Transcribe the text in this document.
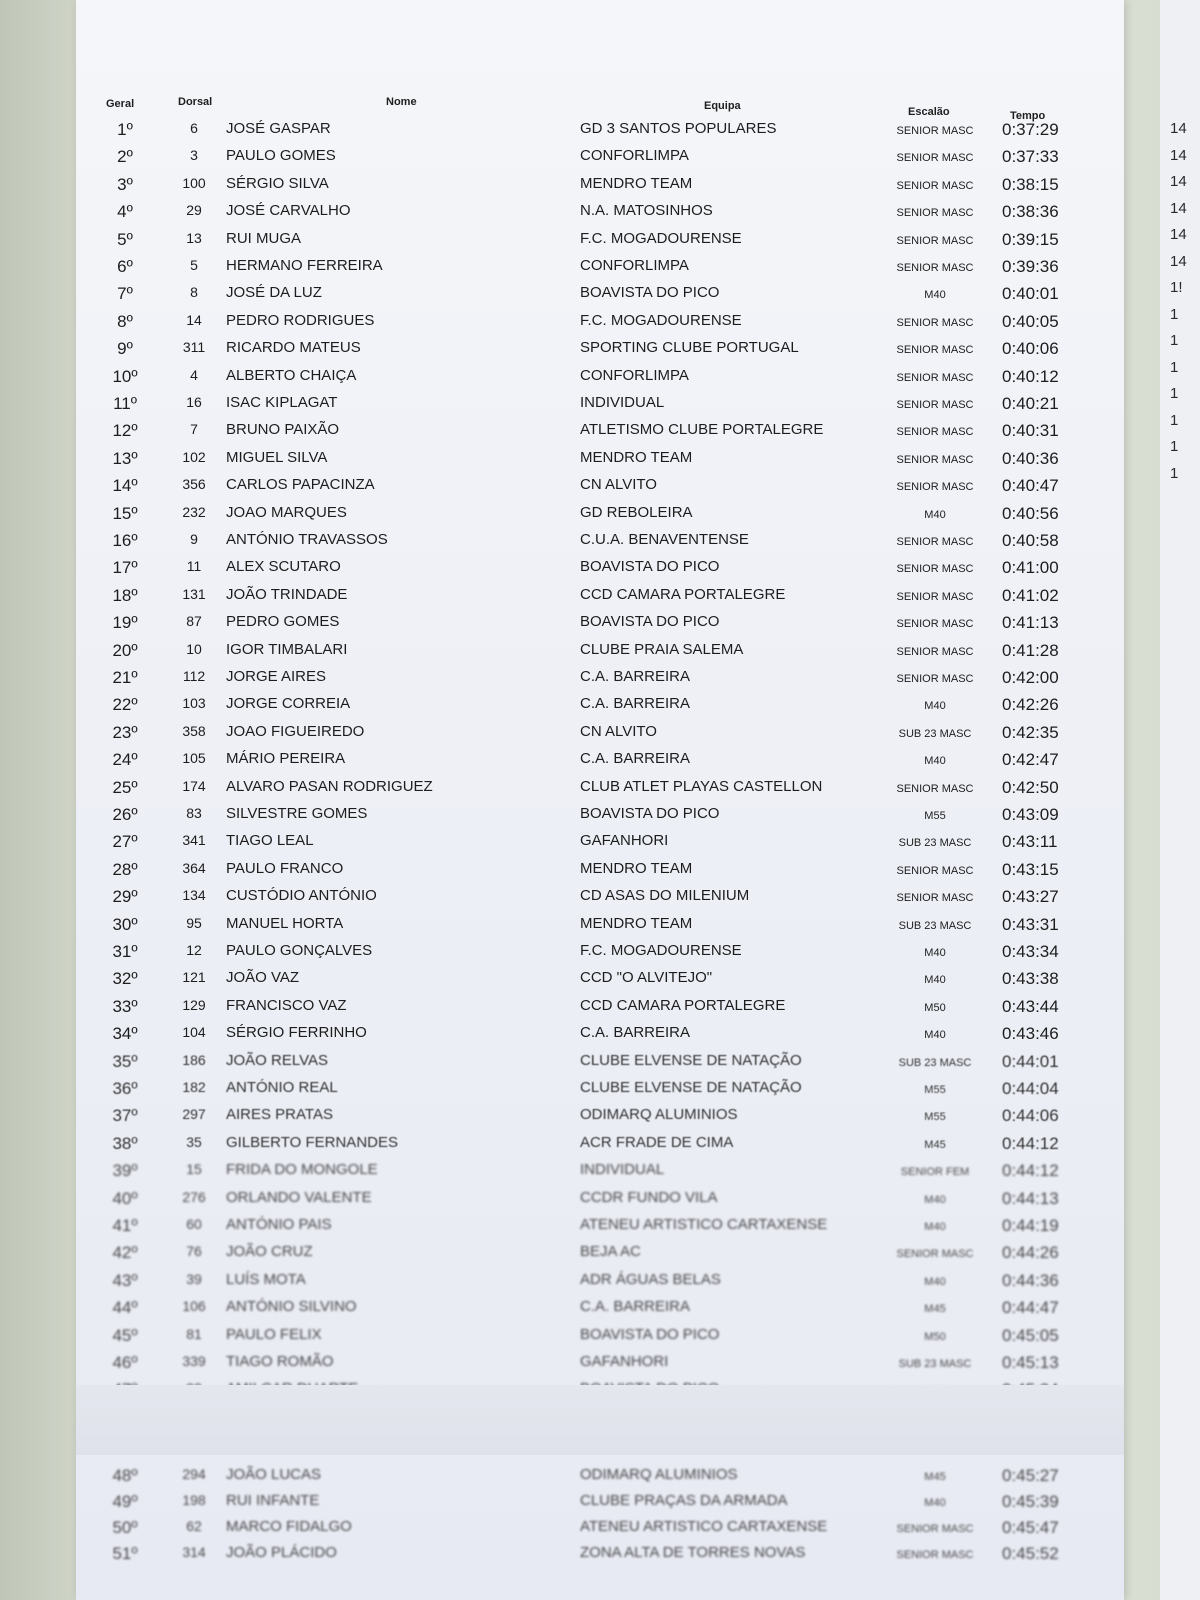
14
14
14
14
14
14
1!
1
1
1
1
1
1
1
Geral	Dorsal	Nome	Equipa	Escalão	Tempo
1º	6	JOSÉ GASPAR	GD 3 SANTOS POPULARES	SENIOR MASC	0:37:29
2º	3	PAULO GOMES	CONFORLIMPA	SENIOR MASC	0:37:33
3º	100	SÉRGIO SILVA	MENDRO TEAM	SENIOR MASC	0:38:15
4º	29	JOSÉ CARVALHO	N.A. MATOSINHOS	SENIOR MASC	0:38:36
5º	13	RUI MUGA	F.C. MOGADOURENSE	SENIOR MASC	0:39:15
6º	5	HERMANO FERREIRA	CONFORLIMPA	SENIOR MASC	0:39:36
7º	8	JOSÉ DA LUZ	BOAVISTA DO PICO	M40	0:40:01
8º	14	PEDRO RODRIGUES	F.C. MOGADOURENSE	SENIOR MASC	0:40:05
9º	311	RICARDO MATEUS	SPORTING CLUBE PORTUGAL	SENIOR MASC	0:40:06
10º	4	ALBERTO CHAIÇA	CONFORLIMPA	SENIOR MASC	0:40:12
11º	16	ISAC KIPLAGAT	INDIVIDUAL	SENIOR MASC	0:40:21
12º	7	BRUNO PAIXÃO	ATLETISMO CLUBE PORTALEGRE	SENIOR MASC	0:40:31
13º	102	MIGUEL SILVA	MENDRO TEAM	SENIOR MASC	0:40:36
14º	356	CARLOS PAPACINZA	CN ALVITO	SENIOR MASC	0:40:47
15º	232	JOAO MARQUES	GD REBOLEIRA	M40	0:40:56
16º	9	ANTÓNIO TRAVASSOS	C.U.A. BENAVENTENSE	SENIOR MASC	0:40:58
17º	11	ALEX SCUTARO	BOAVISTA DO PICO	SENIOR MASC	0:41:00
18º	131	JOÃO TRINDADE	CCD CAMARA PORTALEGRE	SENIOR MASC	0:41:02
19º	87	PEDRO GOMES	BOAVISTA DO PICO	SENIOR MASC	0:41:13
20º	10	IGOR TIMBALARI	CLUBE PRAIA SALEMA	SENIOR MASC	0:41:28
21º	112	JORGE AIRES	C.A. BARREIRA	SENIOR MASC	0:42:00
22º	103	JORGE CORREIA	C.A. BARREIRA	M40	0:42:26
23º	358	JOAO FIGUEIREDO	CN ALVITO	SUB 23 MASC	0:42:35
24º	105	MÁRIO PEREIRA	C.A. BARREIRA	M40	0:42:47
25º	174	ALVARO PASAN RODRIGUEZ	CLUB ATLET PLAYAS CASTELLON	SENIOR MASC	0:42:50
26º	83	SILVESTRE GOMES	BOAVISTA DO PICO	M55	0:43:09
27º	341	TIAGO LEAL	GAFANHORI	SUB 23 MASC	0:43:11
28º	364	PAULO FRANCO	MENDRO TEAM	SENIOR MASC	0:43:15
29º	134	CUSTÓDIO ANTÓNIO	CD ASAS DO MILENIUM	SENIOR MASC	0:43:27
30º	95	MANUEL HORTA	MENDRO TEAM	SUB 23 MASC	0:43:31
31º	12	PAULO GONÇALVES	F.C. MOGADOURENSE	M40	0:43:34
32º	121	JOÃO VAZ	CCD "O ALVITEJO"	M40	0:43:38
33º	129	FRANCISCO VAZ	CCD CAMARA PORTALEGRE	M50	0:43:44
34º	104	SÉRGIO FERRINHO	C.A. BARREIRA	M40	0:43:46
35º	186	JOÃO RELVAS	CLUBE ELVENSE DE NATAÇÃO	SUB 23 MASC	0:44:01
36º	182	ANTÓNIO REAL	CLUBE ELVENSE DE NATAÇÃO	M55	0:44:04
37º	297	AIRES PRATAS	ODIMARQ ALUMINIOS	M55	0:44:06
38º	35	GILBERTO FERNANDES	ACR FRADE DE CIMA	M45	0:44:12
39º	15	FRIDA DO MONGOLE	INDIVIDUAL	SENIOR FEM	0:44:12
40º	276	ORLANDO VALENTE	CCDR FUNDO VILA	M40	0:44:13
41º	60	ANTÓNIO PAIS	ATENEU ARTISTICO CARTAXENSE	M40	0:44:19
42º	76	JOÃO CRUZ	BEJA AC	SENIOR MASC	0:44:26
43º	39	LUÍS MOTA	ADR ÁGUAS BELAS	M40	0:44:36
44º	106	ANTÓNIO SILVINO	C.A. BARREIRA	M45	0:44:47
45º	81	PAULO FELIX	BOAVISTA DO PICO	M50	0:45:05
46º	339	TIAGO ROMÃO	GAFANHORI	SUB 23 MASC	0:45:13
48º	294	JOÃO LUCAS	ODIMARQ ALUMINIOS	M45	0:45:27
49º	198	RUI INFANTE	CLUBE PRAÇAS DA ARMADA	M40	0:45:39
50º	62	MARCO FIDALGO	ATENEU ARTISTICO CARTAXENSE	SENIOR MASC	0:45:47
51º	314	JOÃO PLÁCIDO	ZONA ALTA DE TORRES NOVAS	SENIOR MASC	0:45:52
